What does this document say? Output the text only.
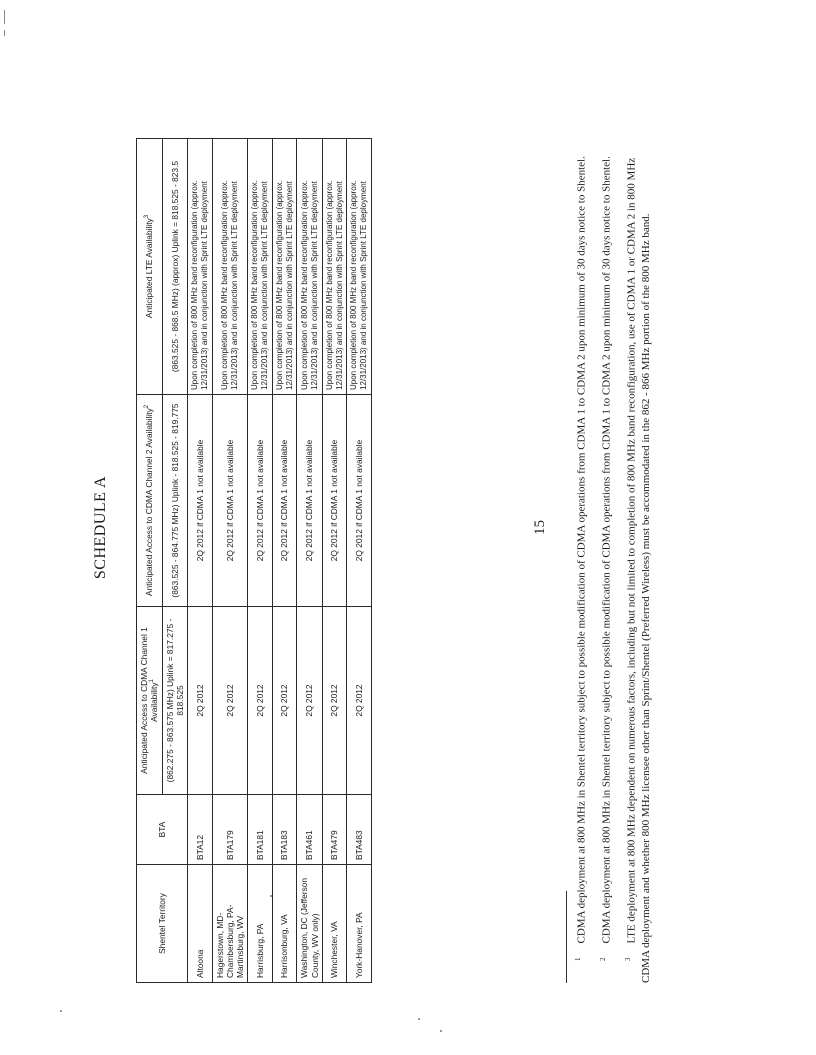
SCHEDULE A
Shentel Territory	BTA	Anticipated Access to CDMA Channel 1 Availability$^1$	Anticipated Access to CDMA Channel 2 Availability$^2$	Anticipated LTE Availability$^3$
		(862.275 - 863.575 MHz) Uplink = 817.275 - 818.525	(863.525 - 864.775 MHz) Uplink - 818.525 - 819.775	(863.525 - 868.5 MHz) (approx) Uplink = 818.525 - 823.5
Altoona	BTA12	2Q 2012	2Q 2012 if CDMA 1 not available	Upon completion of 800 MHz band reconfiguration (approx. 12/31/2013) and in conjunction with Sprint LTE deployment
Hagerstown, MD-Chambersburg, PA-Martinsburg, WV	BTA179	2Q 2012	2Q 2012 if CDMA 1 not available	Upon completion of 800 MHz band reconfiguration (approx. 12/31/2013) and in conjunction with Sprint LTE deployment
Harrisburg, PA	BTA181	2Q 2012	2Q 2012 if CDMA 1 not available	Upon completion of 800 MHz band reconfiguration (approx. 12/31/2013) and in conjunction with Sprint LTE deployment
Harrisonburg, VA	BTA183	2Q 2012	2Q 2012 if CDMA 1 not available	Upon completion of 800 MHz band reconfiguration (approx. 12/31/2013) and in conjunction with Sprint LTE deployment
Washington, DC (Jefferson County, WV only)	BTA461	2Q 2012	2Q 2012 if CDMA 1 not available	Upon completion of 800 MHz band reconfiguration (approx. 12/31/2013) and in conjunction with Sprint LTE deployment
Winchester, VA	BTA479	2Q 2012	2Q 2012 if CDMA 1 not available	Upon completion of 800 MHz band reconfiguration (approx. 12/31/2013) and in conjunction with Sprint LTE deployment
York-Hanover, PA	BTA483	2Q 2012	2Q 2012 if CDMA 1 not available	Upon completion of 800 MHz band reconfiguration (approx. 12/31/2013) and in conjunction with Sprint LTE deployment
15

$^1$CDMA deployment at 800 MHz in Shentel territory subject to possible modification of CDMA operations from CDMA 1 to CDMA 2 upon minimum of 30 days notice to Shentel.

$^2$CDMA deployment at 800 MHz in Shentel territory subject to possible modification of CDMA operations from CDMA 1 to CDMA 2 upon minimum of 30 days notice to Shentel.

$^3$LTE deployment at 800 MHz dependent on numerous factors, including but not limited to completion of 800 MHz band reconfiguration, use of CDMA 1 or CDMA 2 in 800 MHz CDMA deployment and whether 800 MHz licensee other than Sprint/Shentel (Preferred Wireless) must be accommodated in the 862 - 866 MHz portion of the 800 MHz band.
